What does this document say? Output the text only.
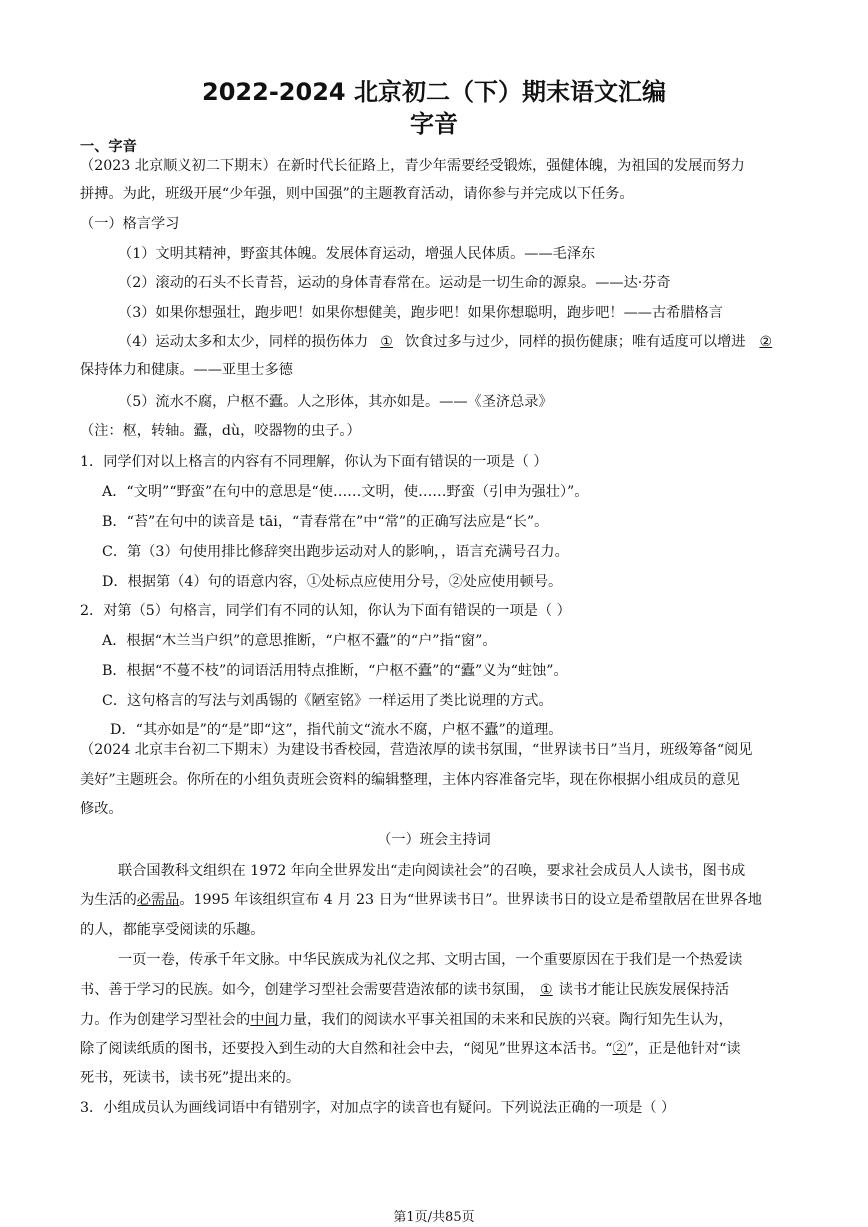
2022-2024 北京初二（下）期末语文汇编
字音
一、字音
（2023 北京顺义初二下期末）在新时代长征路上，青少年需要经受锻炼，强健体魄，为祖国的发展而努力
拼搏。为此，班级开展“少年强，则中国强”的主题教育活动，请你参与并完成以下任务。
（一）格言学习
（1）文明其精神，野蛮其体魄。发展体育运动，增强人民体质。——毛泽东
（2）滚动的石头不长青苔，运动的身体青春常在。运动是一切生命的源泉。——达·芬奇
（3）如果你想强壮，跑步吧！如果你想健美，跑步吧！如果你想聪明，跑步吧！——古希腊格言
（4）运动太多和太少，同样的损伤体力 ① 饮食过多与过少，同样的损伤健康；唯有适度可以增进 ②
保持体力和健康。——亚里士多德
（5）流水不腐，户枢不蠹。人之形体，其亦如是。——《圣济总录》
（注：枢，转轴。蠹，dù，咬器物的虫子。）
1．同学们对以上格言的内容有不同理解，你认为下面有错误的一项是（ ）
A．“文明”“野蛮”在句中的意思是“使……文明，使……野蛮（引申为强壮）”。
B．“苔”在句中的读音是 tāi，“青春常在”中“常”的正确写法应是“长”。
C．第（3）句使用排比修辞突出跑步运动对人的影响，，语言充满号召力。
D．根据第（4）句的语意内容，①处标点应使用分号，②处应使用顿号。
2．对第（5）句格言，同学们有不同的认知，你认为下面有错误的一项是（ ）
A．根据“木兰当户织”的意思推断，“户枢不蠹”的“户”指“窗”。
B．根据“不蔓不枝”的词语活用特点推断，“户枢不蠹”的“蠹”义为“蛀蚀”。
C．这句格言的写法与刘禹锡的《陋室铭》一样运用了类比说理的方式。
D．“其亦如是”的“是”即“这”，指代前文“流水不腐，户枢不蠹”的道理。
（2024 北京丰台初二下期末）为建设书香校园，营造浓厚的读书氛围，“世界读书日”当月，班级筹备“阅见
美好”主题班会。你所在的小组负责班会资料的编辑整理，主体内容准备完毕，现在你根据小组成员的意见
修改。
（一）班会主持词
联合国教科文组织在 1972 年向全世界发出“走向阅读社会”的召唤，要求社会成员人人读书，图书成
为生活的必需品。1995 年该组织宣布 4 月 23 日为“世界读书日”。世界读书日的设立是希望散居在世界各地
的人，都能享受阅读的乐趣。
一页一卷，传承千年文脉。中华民族成为礼仪之邦、文明古国，一个重要原因在于我们是一个热爱读
书、善于学习的民族。如今，创建学习型社会需要营造浓郁的读书氛围， ① 读书才能让民族发展保持活
力。作为创建学习型社会的中间力量，我们的阅读水平事关祖国的未来和民族的兴衰。陶行知先生认为，
除了阅读纸质的图书，还要投入到生动的大自然和社会中去，“阅见”世界这本活书。“②”，正是他针对“读
死书，死读书，读书死”提出来的。
3．小组成员认为画线词语中有错别字，对加点字的读音也有疑问。下列说法正确的一项是（ ）
第1页/共85页
